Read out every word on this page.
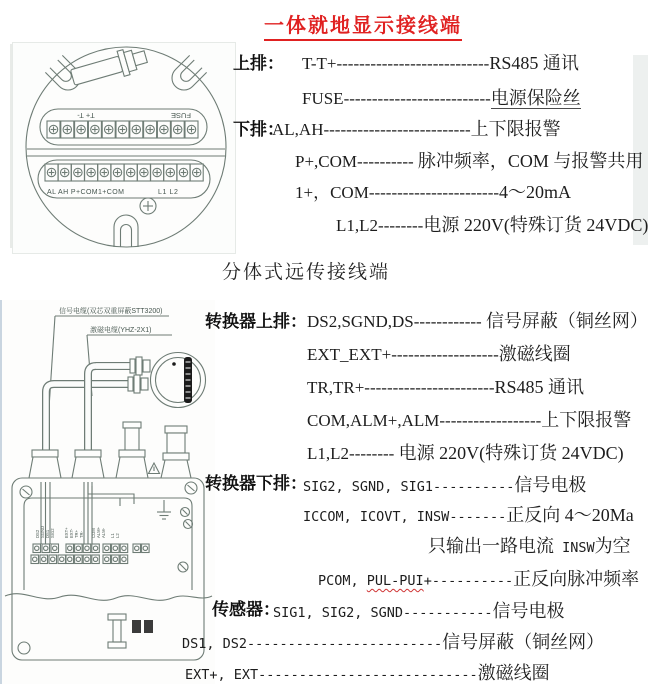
一体就地显示接线端
T+ T-	FUSE
AL AH P+COM1+COM	L1 L2
上排： T-T+---------------------------RS485 通讯
FUSE--------------------------电源保险丝
下排：
AL,AH--------------------------上下限报警
P+,COM---------- 脉冲频率，COM 与报警共用
1+，COM-----------------------4～20mA
L1,L2--------电源 220V(特殊订货 24VDC)
分体式远传接线端
信号电缆(双芯双重屏蔽STT3200)
激磁电缆(YHZ-2X1)
DS2 SGND DS1 SIG2 EXT+ EXT- TR+ TR- COM ALM+ ALM- L1 L2
转换器上排： DS2,SGND,DS------------ 信号屏蔽（铜丝网）
EXT_EXT+-------------------激磁线圈
TR,TR+-----------------------RS485 通讯
COM,ALM+,ALM------------------上下限报警
L1,L2-------- 电源 220V(特殊订货 24VDC)
转换器下排：
SIG2, SGND, SIG1----------信号电极
ICCOM, ICOVT, INSW-------正反向 4～20Ma
只输出一路电流 INSW为空
PCOM, PUL-PUI+----------正反向脉冲频率
传感器：
SIG1, SIG2, SGND-----------信号电极
DS1, DS2------------------------信号屏蔽（铜丝网）
EXT+, EXT---------------------------激磁线圈
